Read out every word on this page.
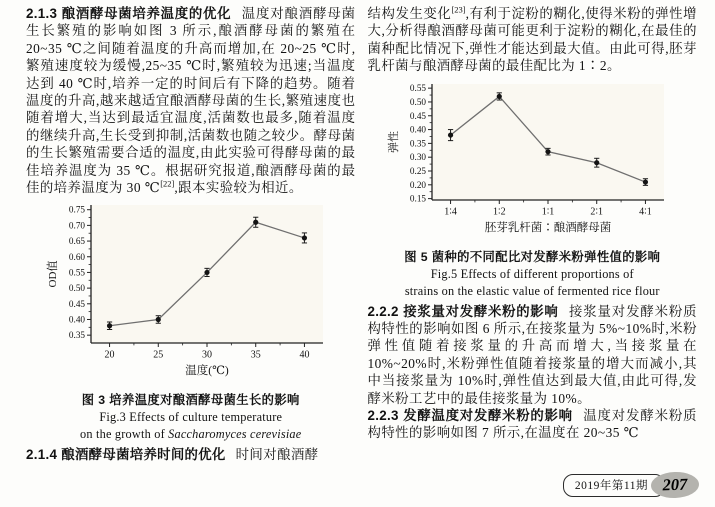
2.1.3 酿酒酵母菌培养温度的优化 温度对酿酒酵母菌生长繁殖的影响如图 3 所示,酿酒酵母菌的繁殖在 20~35 ℃之间随着温度的升高而增加,在 20~25 ℃时,繁殖速度较为缓慢,25~35 ℃时,繁殖较为迅速;当温度达到 40 ℃时,培养一定的时间后有下降的趋势。随着温度的升高,越来越适宜酿酒酵母菌的生长,繁殖速度也随着增大,当达到最适宜温度,活菌数也最多,随着温度的继续升高,生长受到抑制,活菌数也随之较少。酵母菌的生长繁殖需要合适的温度,由此实验可得酵母菌的最佳培养温度为 35 ℃。根据研究报道,酿酒酵母菌的最佳的培养温度为 30 ℃[22],跟本实验较为相近。

0.35
0.40
0.45
0.50
0.55
0.60
0.65
0.70
0.75
20	25	30	35	40
OD值
温度(℃)

图 3 培养温度对酿酒酵母菌生长的影响

Fig.3 Effects of culture temperature

on the growth of Saccharomyces cerevisiae

2.1.4 酿酒酵母菌培养时间的优化 时间对酿酒酵

结构发生变化[23],有利于淀粉的糊化,使得米粉的弹性增大,分析得酿酒酵母菌可能更利于淀粉的糊化,在最佳的菌种配比情况下,弹性才能达到最大值。由此可得,胚芽乳杆菌与酿酒酵母菌的最佳配比为 1∶2。

0.15
0.20
0.25
0.30
0.35
0.40
0.45
0.50
0.55
1∶4	1∶2	1∶1	2∶1	4∶1
弹性
胚芽乳杆菌∶酿酒酵母菌

图 5 菌种的不同配比对发酵米粉弹性值的影响

Fig.5 Effects of different proportions of

strains on the elastic value of fermented rice flour

2.2.2 接浆量对发酵米粉的影响 接浆量对发酵米粉质构特性的影响如图 6 所示,在接浆量为 5%~10%时,米粉弹性值随着接浆量的升高而增大,当接浆量在 10%~20%时,米粉弹性值随着接浆量的增大而减小,其中当接浆量为 10%时,弹性值达到最大值,由此可得,发酵米粉工艺中的最佳接浆量为 10%。

2.2.3 发酵温度对发酵米粉的影响 温度对发酵米粉质构特性的影响如图 7 所示,在温度在 20~35 ℃

2019年第11期 207
